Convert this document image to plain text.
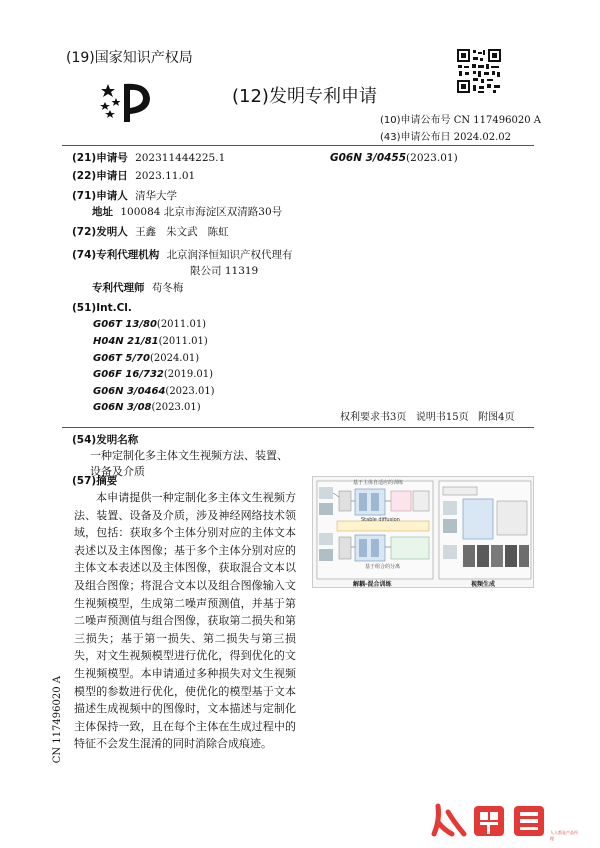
(19)国家知识产权局
(12)发明专利申请
(10)申请公布号 CN 117496020 A
(43)申请公布日 2024.02.02
(21)申请号 202311444225.1	G06N 3/0455(2023.01)
(22)申请日 2023.11.01
(71)申请人 清华大学
地址 100084 北京市海淀区双清路30号
(72)发明人 王鑫   朱文武   陈虹
(74)专利代理机构 北京润泽恒知识产权代理有
限公司 11319
专利代理师 苟冬梅
(51)Int.Cl.
G06T 13/80(2011.01)
H04N 21/81(2011.01)
G06T 5/70(2024.01)
G06F 16/732(2019.01)
G06N 3/0464(2023.01)
G06N 3/08(2023.01)
权利要求书3页   说明书15页   附图4页
(54)发明名称
一种定制化多主体文生视频方法、装置、设备及介质
(57)摘要
本申请提供一种定制化多主体文生视频方法、装置、设备及介质，涉及神经网络技术领域，包括：获取多个主体分别对应的主体文本表述以及主体图像；基于多个主体分别对应的主体文本表述以及主体图像，获取混合文本以及组合图像；将混合文本以及组合图像输入文生视频模型，生成第二噪声预测值，并基于第二噪声预测值与组合图像，获取第二损失和第三损失；基于第一损失、第二损失与第三损失，对文生视频模型进行优化，得到优化的文生视频模型。本申请通过多种损失对文生视频模型的参数进行优化，使优化的模型基于文本描述生成视频中的图像时，文本描述与定制化主体保持一致，且在每个主体在生成过程中的特征不会发生混淆的同时消除合成痕迹。
基于主体自适应的训练
Stable diffusion
基于组合的分离
解耦-混合训练	视频生成
CN 117496020 A
人人都是产品经理
